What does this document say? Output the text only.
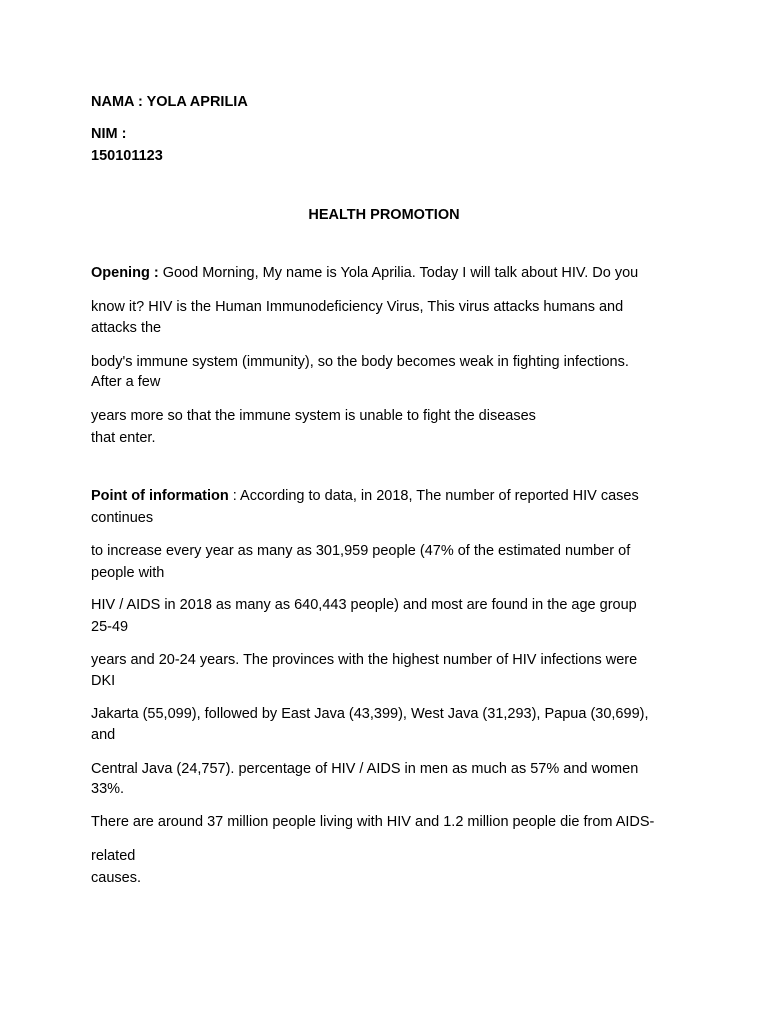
NAMA : YOLA APRILIA
NIM :
150101123
HEALTH PROMOTION
Opening : Good Morning, My name is Yola Aprilia. Today I will talk about HIV. Do you
know it? HIV is the Human Immunodeficiency Virus, This virus attacks humans and
attacks the
body's immune system (immunity), so the body becomes weak in fighting infections.
After a few
years more so that the immune system is unable to fight the diseases
that enter.
Point of information : According to data, in 2018, The number of reported HIV cases
continues
to increase every year as many as 301,959 people (47% of the estimated number of
people with
HIV / AIDS in 2018 as many as 640,443 people) and most are found in the age group
25-49
years and 20-24 years. The provinces with the highest number of HIV infections were
DKI
Jakarta (55,099), followed by East Java (43,399), West Java (31,293), Papua (30,699),
and
Central Java (24,757). percentage of HIV / AIDS in men as much as 57% and women
33%.
There are around 37 million people living with HIV and 1.2 million people die from AIDS-
related
causes.
